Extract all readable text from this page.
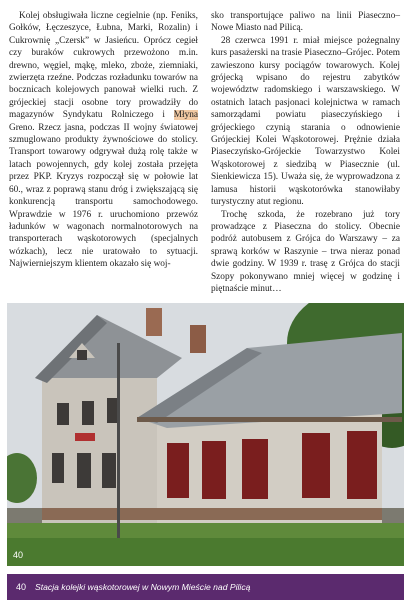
Kolej obsługiwała liczne cegielnie (np. Feniks, Gołków, Łęczeszyce, Łubna, Marki, Rozalin) i Cukrownię „Czersk” w Jasieńcu. Oprócz cegieł czy buraków cukrowych przewożono m.in. drewno, węgiel, mąkę, mleko, zboże, ziemniaki, zwierzęta rzeźne. Podczas rozładunku towarów na bocznicach kolejowych panował wielki ruch. Z grójeckiej stacji osobne tory prowadziły do magazynów Syndykatu Rolniczego i Młyna Greno. Rzecz jasna, podczas II wojny światowej szmuglowano produkty żywnościowe do stolicy. Transport towarowy odgrywał dużą rolę także w latach powojennych, gdy kolej została przejęta przez PKP. Kryzys rozpoczął się w połowie lat 60., wraz z poprawą stanu dróg i zwiększającą się konkurencją transportu samochodowego. Wprawdzie w 1976 r. uruchomiono przewóz ładunków w wagonach normalnotorowych na transporterach wąskotorowych (specjalnych wózkach), lecz nie uratowało to sytuacji. Najwierniejszym klientem okazało się woj-

sko transportujące paliwo na linii Piaseczno–Nowe Miasto nad Pilicą.

28 czerwca 1991 r. miał miejsce pożegnalny kurs pasażerski na trasie Piaseczno–Grójec. Potem zawieszono kursy pociągów towarowych. Kolej grójecką wpisano do rejestru zabytków województw radomskiego i warszawskiego. W ostatnich latach pasjonaci kolejnictwa w ramach samorządami powiatu piaseczyńskiego i grójeckiego czynią starania o odnowienie Grójeckiej Kolei Wąskotorowej. Prężnie działa Piaseczyńsko-Grójeckie Towarzystwo Kolei Wąskotorowej z siedzibą w Piasecznie (ul. Sienkiewicza 15). Uważa się, że wyprowadzona z lamusa historii wąskotorówka stanowiłaby turystyczny atut regionu.

Trochę szkoda, że rozebrano już tory prowadzące z Piaseczna do stolicy. Obecnie podróż autobusem z Grójca do Warszawy – za sprawą korków w Raszynie – trwa nieraz ponad dwie godziny. W 1939 r. trasę z Grójca do stacji Szopy pokonywano mniej więcej w godzinę i piętnaście minut…

40
40 Stacja kolejki wąskotorowej w Nowym Mieście nad Pilicą
